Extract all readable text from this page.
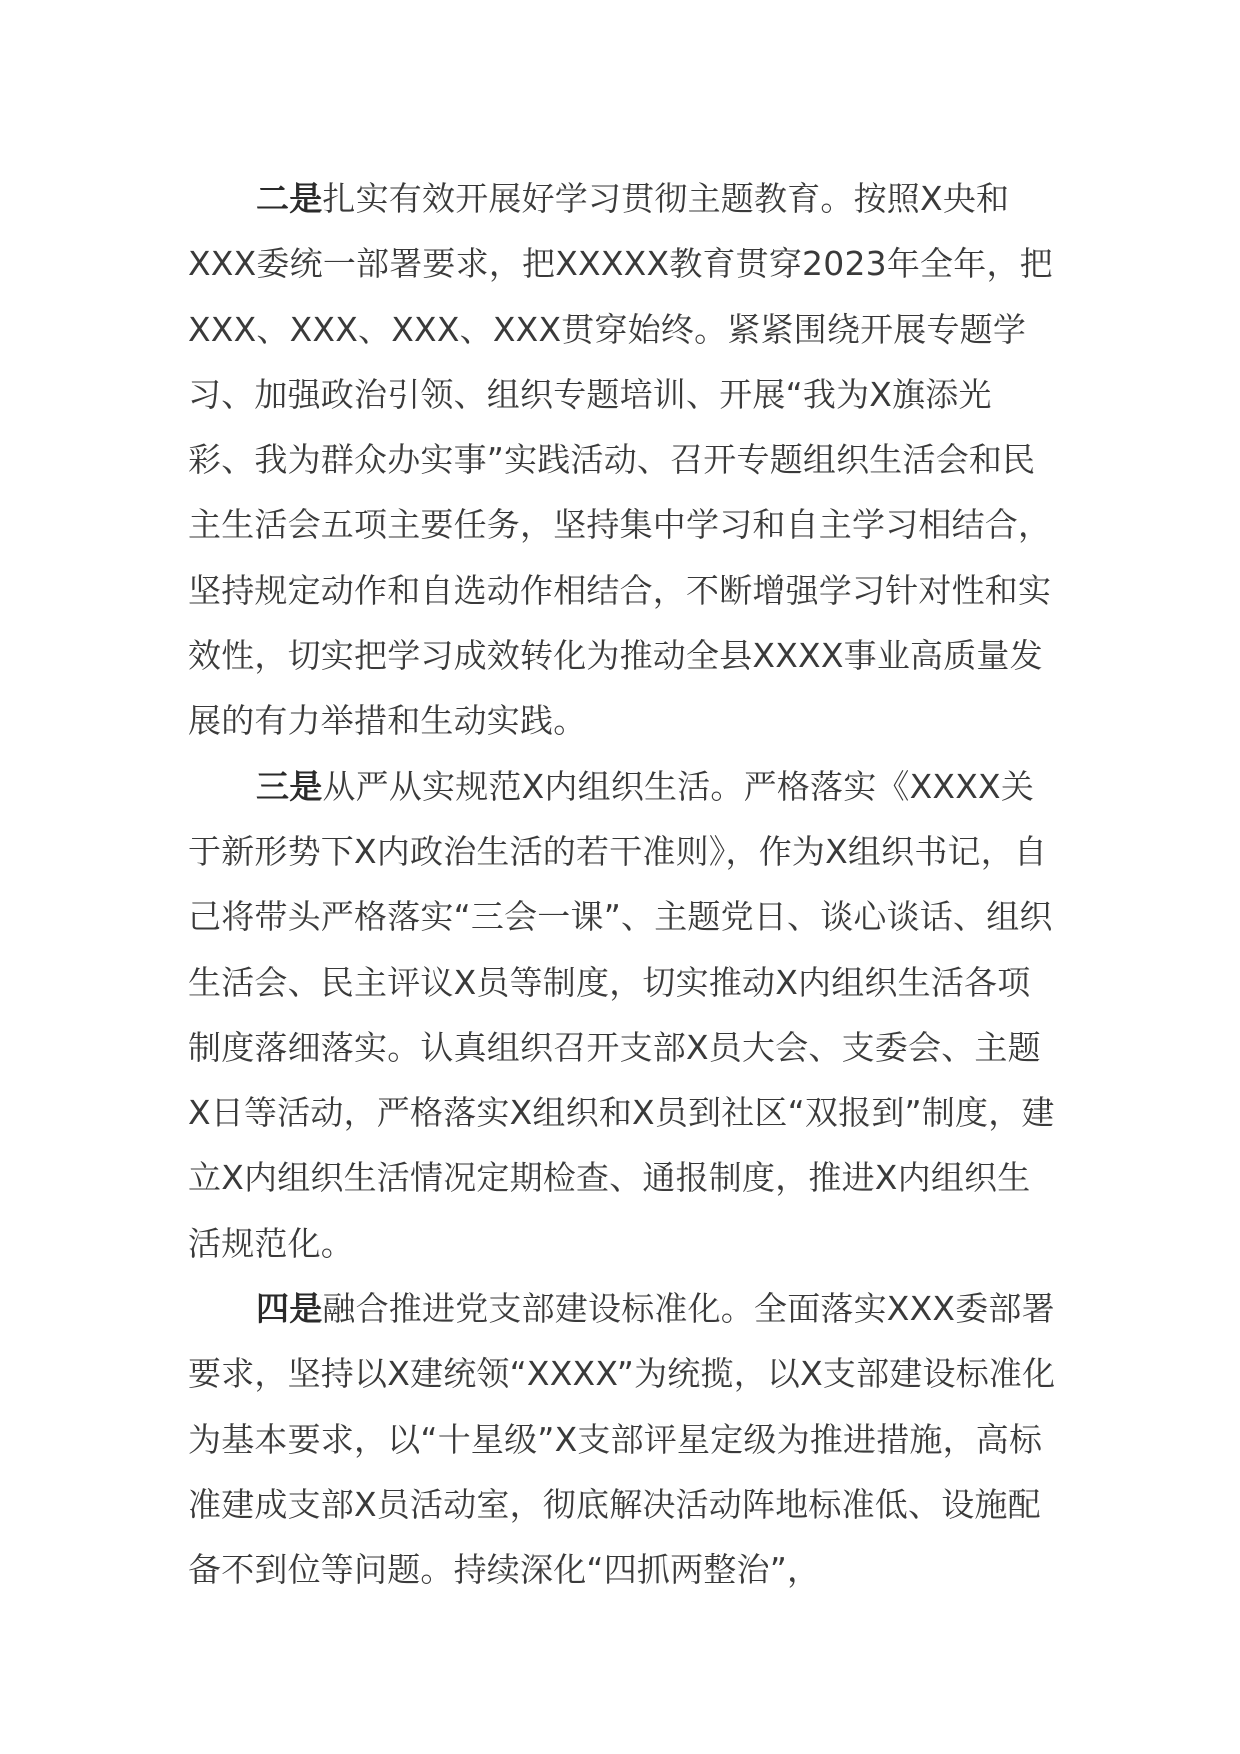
二是扎实有效开展好学习贯彻主题教育。按照X央和XXX委统一部署要求，把XXXXX教育贯穿2023年全年，把XXX、XXX、XXX、XXX贯穿始终。紧紧围绕开展专题学习、加强政治引领、组织专题培训、开展“我为X旗添光彩、我为群众办实事”实践活动、召开专题组织生活会和民主生活会五项主要任务，坚持集中学习和自主学习相结合，坚持规定动作和自选动作相结合，不断增强学习针对性和实效性，切实把学习成效转化为推动全县XXXX事业高质量发展的有力举措和生动实践。

三是从严从实规范X内组织生活。严格落实《XXXX关于新形势下X内政治生活的若干准则》，作为X组织书记，自己将带头严格落实“三会一课”、主题党日、谈心谈话、组织生活会、民主评议X员等制度，切实推动X内组织生活各项制度落细落实。认真组织召开支部X员大会、支委会、主题X日等活动，严格落实X组织和X员到社区“双报到”制度，建立X内组织生活情况定期检查、通报制度，推进X内组织生活规范化。

四是融合推进党支部建设标准化。全面落实XXX委部署要求，坚持以X建统领“XXXX”为统揽，以X支部建设标准化为基本要求，以“十星级”X支部评星定级为推进措施，高标准建成支部X员活动室，彻底解决活动阵地标准低、设施配备不到位等问题。持续深化“四抓两整治”，
